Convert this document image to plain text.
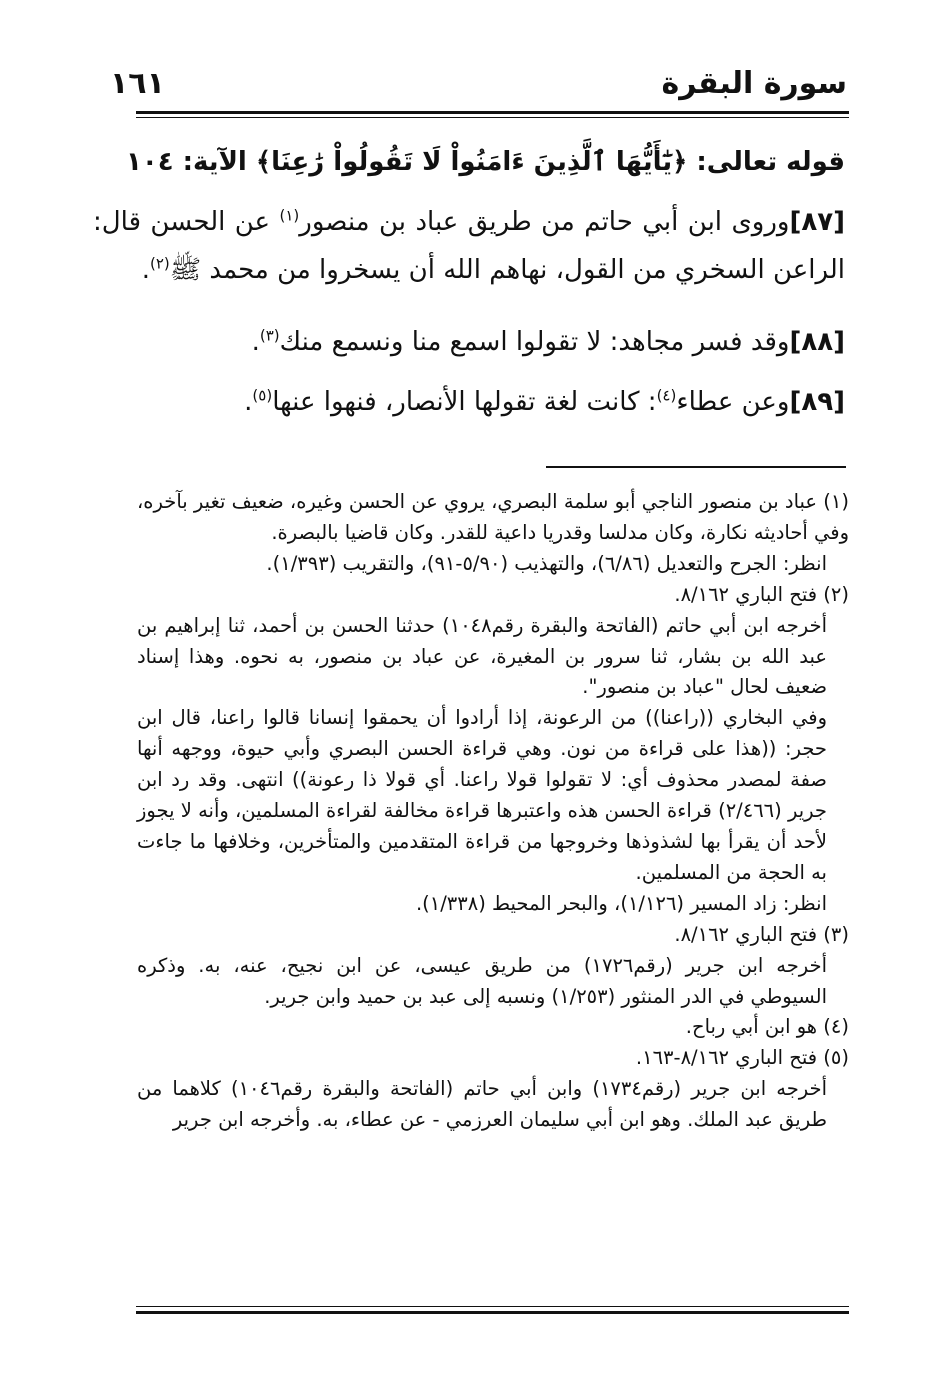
سورة البقرة
١٦١
قوله تعالى: ﴿يَٰٓأَيُّهَا ٱلَّذِينَ ءَامَنُواْ لَا تَقُولُواْ رَٰعِنَا﴾ الآية: ١٠٤

[٨٧]وروى ابن أبي حاتم من طريق عباد بن منصور$^{(١)}$ عن الحسن قال: الراعن السخري من القول، نهاهم الله أن يسخروا من محمد ﷺ$^{(٢)}$.

[٨٨]وقد فسر مجاهد: لا تقولوا اسمع منا ونسمع منك$^{(٣)}$.

[٨٩]وعن عطاء$^{(٤)}$: كانت لغة تقولها الأنصار، فنهوا عنها$^{(٥)}$.

(١) عباد بن منصور الناجي أبو سلمة البصري، يروي عن الحسن وغيره، ضعيف تغير بآخره، وفي أحاديثه نكارة، وكان مدلسا وقدريا داعية للقدر. وكان قاضيا بالبصرة.

انظر: الجرح والتعديل (٦/٨٦)، والتهذيب (٥/٩٠-٩١)، والتقريب (١/٣٩٣).

(٢) فتح الباري ٨/١٦٢.

أخرجه ابن أبي حاتم (الفاتحة والبقرة رقم١٠٤٨) حدثنا الحسن بن أحمد، ثنا إبراهيم بن عبد الله بن بشار، ثنا سرور بن المغيرة، عن عباد بن منصور، به نحوه. وهذا إسناد ضعيف لحال "عباد بن منصور".

وفي البخاري ((راعنا)) من الرعونة، إذا أرادوا أن يحمقوا إنسانا قالوا راعنا، قال ابن حجر: ((هذا على قراءة من نون. وهي قراءة الحسن البصري وأبي حيوة، ووجهه أنها صفة لمصدر محذوف أي: لا تقولوا قولا راعنا. أي قولا ذا رعونة)) انتهى. وقد رد ابن جرير (٢/٤٦٦) قراءة الحسن هذه واعتبرها قراءة مخالفة لقراءة المسلمين، وأنه لا يجوز لأحد أن يقرأ بها لشذوذها وخروجها من قراءة المتقدمين والمتأخرين، وخلافها ما جاءت به الحجة من المسلمين.

انظر: زاد المسير (١/١٢٦)، والبحر المحيط (١/٣٣٨).

(٣) فتح الباري ٨/١٦٢.

أخرجه ابن جرير (رقم١٧٢٦) من طريق عيسى، عن ابن نجيح، عنه، به. وذكره السيوطي في الدر المنثور (١/٢٥٣) ونسبه إلى عبد بن حميد وابن جرير.

(٤) هو ابن أبي رباح.

(٥) فتح الباري ٨/١٦٢-١٦٣.

أخرجه ابن جرير (رقم١٧٣٤) وابن أبي حاتم (الفاتحة والبقرة رقم١٠٤٦) كلاهما من طريق عبد الملك. وهو ابن أبي سليمان العرزمي - عن عطاء، به. وأخرجه ابن جرير
